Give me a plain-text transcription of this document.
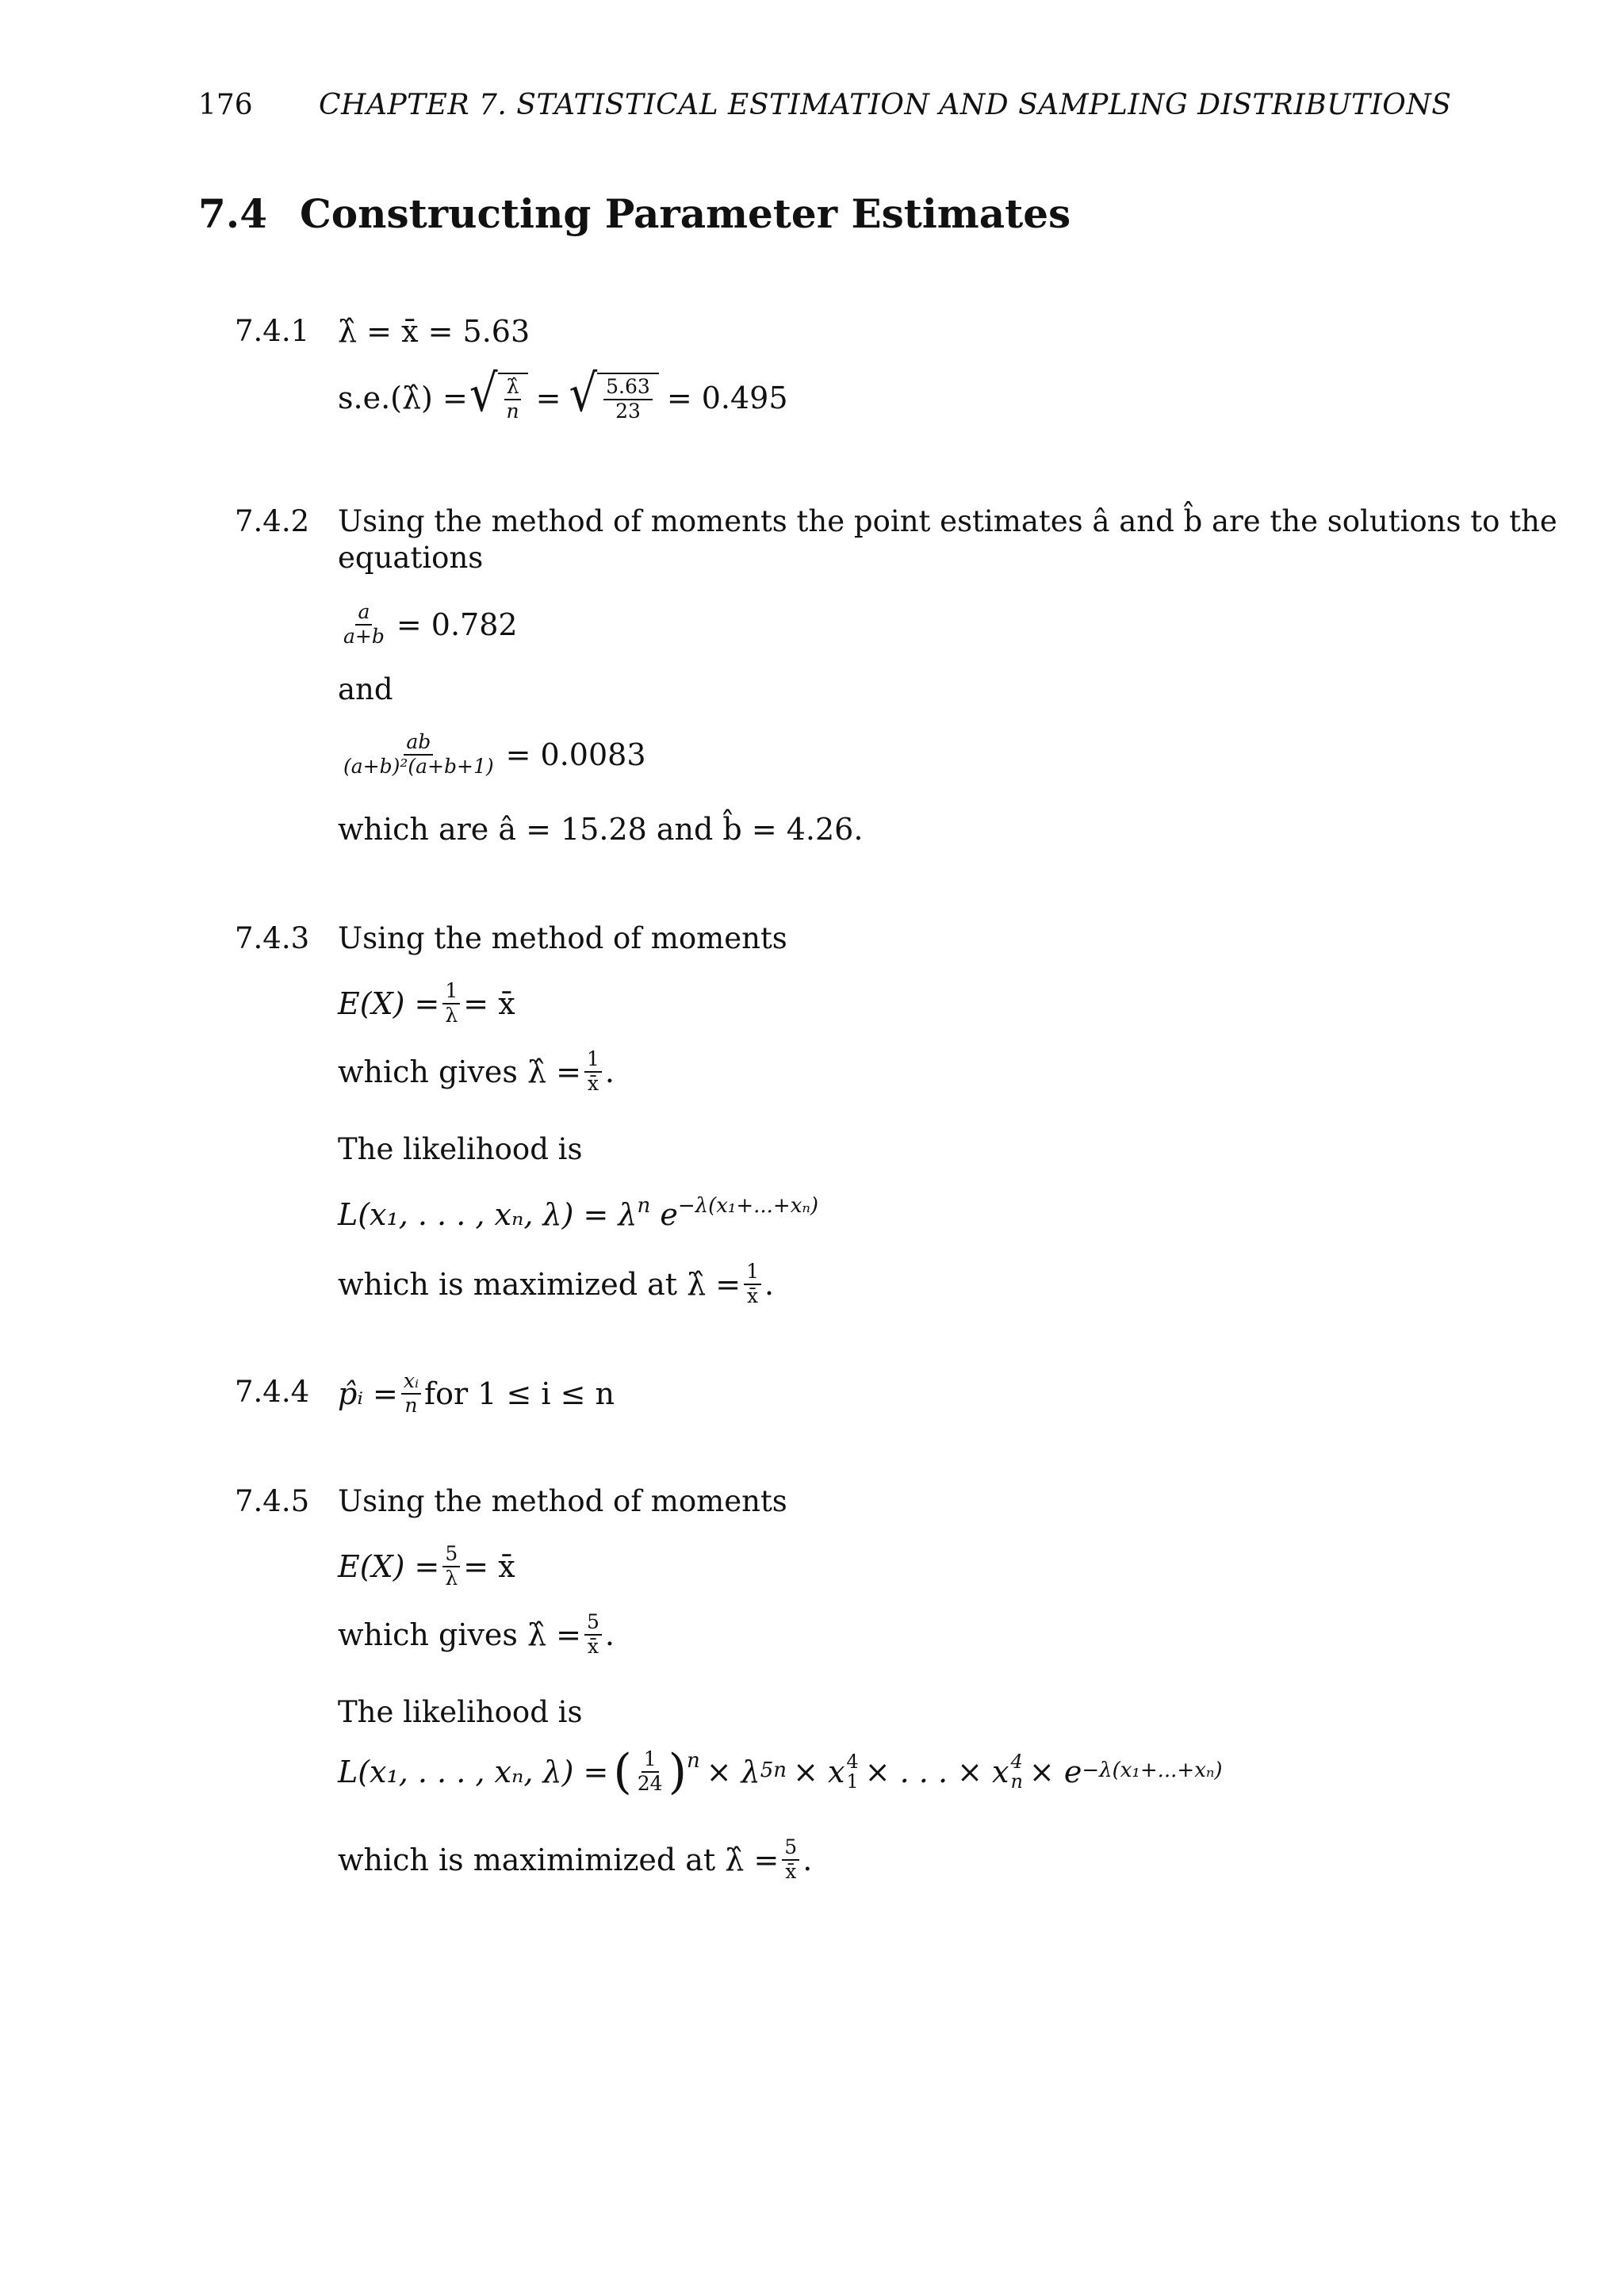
176 CHAPTER 7. STATISTICAL ESTIMATION AND SAMPLING DISTRIBUTIONS
7.4 Constructing Parameter Estimates
7.4.1 λ̂ = x̄ = 5.63
s.e.(λ̂) = √ $\frac{\lambdâ}{n}$ = √ $\frac{5.63}{23} = 0.495$
7.4.2 Using the method of moments the point estimates â and b̂ are the solutions to the
equations
$\frac{a}{a+b} = 0.782$
and
$\frac{ab}{\text{(a+b)²(a+b+1)}} = 0.0083$
which are â = 15.28 and b̂ = 4.26.
7.4.3 Using the method of moments
$E(X) = \frac{1}{\lambda}$ = x̄
which gives λ̂ = $\frac{1}{x̄}$ .
The likelihood is
L(x₁, . . . , xₙ, $\lambda) = \lambda^n$ $e^{-\lambda(x_1+...+x_n)}$
which is maximized at λ̂ = $\frac{1}{x̄}$ .
7.4.4 p̂ᵢ = $\frac{\text{xᵢ}}{n}$ for 1 ≤ i ≤ n
7.4.5 Using the method of moments
$E(X) = \frac{5}{\lambda}$ = x̄
which gives λ̂ = $\frac{5}{x̄}$ .
The likelihood is
L(x₁, . . . , xₙ, λ) = ( $\frac{1}{24}$ ) n × λ 5n × x 4
1 × . . . × x 4
n × e −λ(x₁+...+xₙ)
which is maximimized at λ̂ = $\frac{5}{x̄}$ .
